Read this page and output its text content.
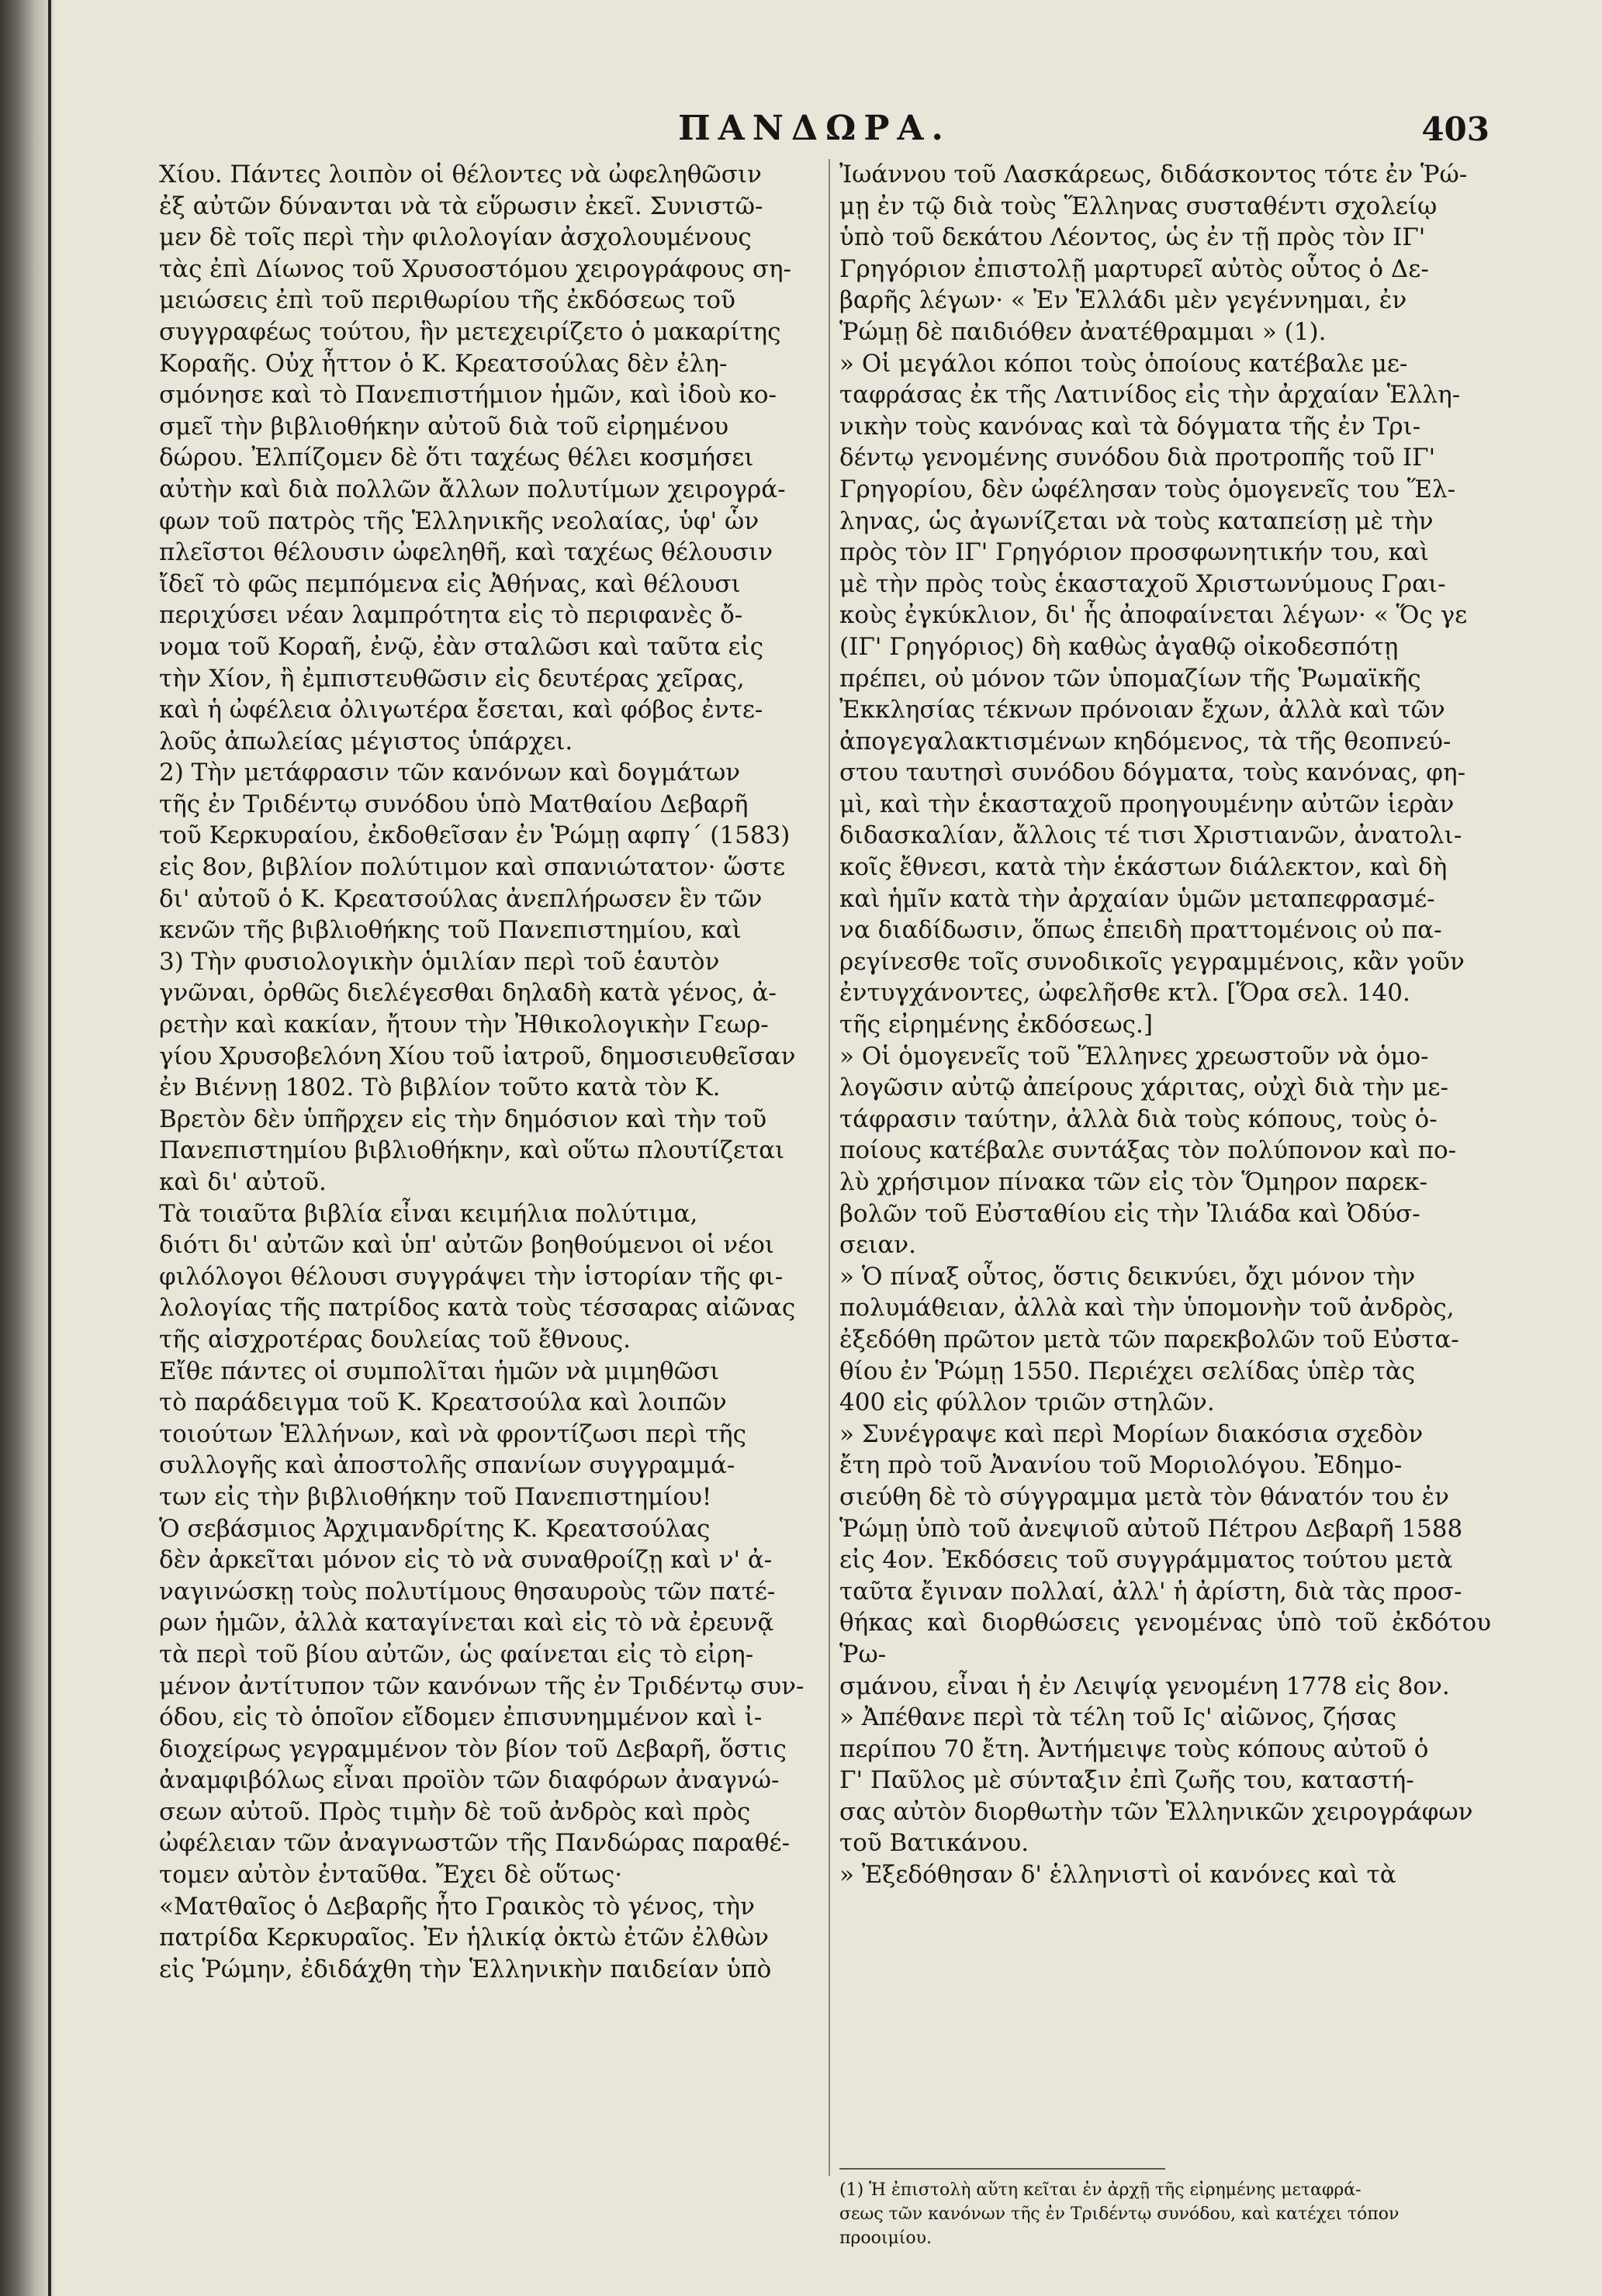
ΠΑΝΔΩΡΑ.	403

Χίου. Πάντες λοιπὸν οἱ θέλοντες νὰ ὠφεληθῶσιν

ἐξ αὐτῶν δύνανται νὰ τὰ εὕρωσιν ἐκεῖ. Συνιστῶ-

μεν δὲ τοῖς περὶ τὴν φιλολογίαν ἀσχολουμένους

τὰς ἐπὶ Δίωνος τοῦ Χρυσοστόμου χειρογράφους ση-

μειώσεις ἐπὶ τοῦ περιθωρίου τῆς ἐκδόσεως τοῦ

συγγραφέως τούτου, ἣν μετεχειρίζετο ὁ μακαρίτης

Κοραῆς. Οὐχ ἧττον ὁ Κ. Κρεατσούλας δὲν ἐλη-

σμόνησε καὶ τὸ Πανεπιστήμιον ἡμῶν, καὶ ἰδοὺ κο-

σμεῖ τὴν βιβλιοθήκην αὐτοῦ διὰ τοῦ εἰρημένου

δώρου. Ἐλπίζομεν δὲ ὅτι ταχέως θέλει κοσμήσει

αὐτὴν καὶ διὰ πολλῶν ἄλλων πολυτίμων χειρογρά-

φων τοῦ πατρὸς τῆς Ἑλληνικῆς νεολαίας, ὑφ' ὧν

πλεῖστοι θέλουσιν ὠφεληθῆ, καὶ ταχέως θέλουσιν

ἴδεῖ τὸ φῶς πεμπόμενα εἰς Ἀθήνας, καὶ θέλουσι

περιχύσει νέαν λαμπρότητα εἰς τὸ περιφανὲς ὄ-

νομα τοῦ Κοραῆ, ἐνῷ, ἐὰν σταλῶσι καὶ ταῦτα εἰς

τὴν Χίον, ἢ ἐμπιστευθῶσιν εἰς δευτέρας χεῖρας,

καὶ ἡ ὠφέλεια ὀλιγωτέρα ἔσεται, καὶ φόβος ἐντε-

λοῦς ἀπωλείας μέγιστος ὑπάρχει.

2) Τὴν μετάφρασιν τῶν κανόνων καὶ δογμάτων

τῆς ἐν Τριδέντῳ συνόδου ὑπὸ Ματθαίου Δεβαρῆ

τοῦ Κερκυραίου, ἐκδοθεῖσαν ἐν Ῥώμῃ αφπγ΄ (1583)

εἰς 8ον, βιβλίον πολύτιμον καὶ σπανιώτατον· ὥστε

δι' αὐτοῦ ὁ Κ. Κρεατσούλας ἀνεπλήρωσεν ἓν τῶν

κενῶν τῆς βιβλιοθήκης τοῦ Πανεπιστημίου, καὶ

3) Τὴν φυσιολογικὴν ὁμιλίαν περὶ τοῦ ἑαυτὸν

γνῶναι, ὀρθῶς διελέγεσθαι δηλαδὴ κατὰ γένος, ἀ-

ρετὴν καὶ κακίαν, ἤτουν τὴν Ἠθικολογικὴν Γεωρ-

γίου Χρυσοβελόνη Χίου τοῦ ἰατροῦ, δημοσιευθεῖσαν

ἐν Βιέννῃ 1802. Τὸ βιβλίον τοῦτο κατὰ τὸν Κ.

Βρετὸν δὲν ὑπῆρχεν εἰς τὴν δημόσιον καὶ τὴν τοῦ

Πανεπιστημίου βιβλιοθήκην, καὶ οὕτω πλουτίζεται

καὶ δι' αὐτοῦ.

Τὰ τοιαῦτα βιβλία εἶναι κειμήλια πολύτιμα,

διότι δι' αὐτῶν καὶ ὑπ' αὐτῶν βοηθούμενοι οἱ νέοι

φιλόλογοι θέλουσι συγγράψει τὴν ἱστορίαν τῆς φι-

λολογίας τῆς πατρίδος κατὰ τοὺς τέσσαρας αἰῶνας

τῆς αἰσχροτέρας δουλείας τοῦ ἔθνους.

Εἴθε πάντες οἱ συμπολῖται ἡμῶν νὰ μιμηθῶσι

τὸ παράδειγμα τοῦ Κ. Κρεατσούλα καὶ λοιπῶν

τοιούτων Ἑλλήνων, καὶ νὰ φροντίζωσι περὶ τῆς

συλλογῆς καὶ ἀποστολῆς σπανίων συγγραμμά-

των εἰς τὴν βιβλιοθήκην τοῦ Πανεπιστημίου!

Ὁ σεβάσμιος Ἀρχιμανδρίτης Κ. Κρεατσούλας

δὲν ἀρκεῖται μόνον εἰς τὸ νὰ συναθροίζῃ καὶ ν' ἀ-

ναγινώσκῃ τοὺς πολυτίμους θησαυροὺς τῶν πατέ-

ρων ἡμῶν, ἀλλὰ καταγίνεται καὶ εἰς τὸ νὰ ἐρευνᾷ

τὰ περὶ τοῦ βίου αὐτῶν, ὡς φαίνεται εἰς τὸ εἰρη-

μένον ἀντίτυπον τῶν κανόνων τῆς ἐν Τριδέντῳ συν-

όδου, εἰς τὸ ὁποῖον εἴδομεν ἐπισυνημμένον καὶ ἰ-

διοχείρως γεγραμμένον τὸν βίον τοῦ Δεβαρῆ, ὅστις

ἀναμφιβόλως εἶναι προϊὸν τῶν διαφόρων ἀναγνώ-

σεων αὐτοῦ. Πρὸς τιμὴν δὲ τοῦ ἀνδρὸς καὶ πρὸς

ὠφέλειαν τῶν ἀναγνωστῶν τῆς Πανδώρας παραθέ-

τομεν αὐτὸν ἐνταῦθα. Ἔχει δὲ οὕτως·

«Ματθαῖος ὁ Δεβαρῆς ἦτο Γραικὸς τὸ γένος, τὴν

πατρίδα Κερκυραῖος. Ἐν ἡλικίᾳ ὀκτὼ ἐτῶν ἐλθὼν

εἰς Ῥώμην, ἐδιδάχθη τὴν Ἑλληνικὴν παιδείαν ὑπὸ

Ἰωάννου τοῦ Λασκάρεως, διδάσκοντος τότε ἐν Ῥώ-

μῃ ἐν τῷ διὰ τοὺς Ἕλληνας συσταθέντι σχολείῳ

ὑπὸ τοῦ δεκάτου Λέοντος, ὡς ἐν τῇ πρὸς τὸν ΙΓ'

Γρηγόριον ἐπιστολῇ μαρτυρεῖ αὐτὸς οὗτος ὁ Δε-

βαρῆς λέγων· « Ἐν Ἑλλάδι μὲν γεγέννημαι, ἐν

Ῥώμῃ δὲ παιδιόθεν ἀνατέθραμμαι » (1).

» Οἱ μεγάλοι κόποι τοὺς ὁποίους κατέβαλε με-

ταφράσας ἐκ τῆς Λατινίδος εἰς τὴν ἀρχαίαν Ἑλλη-

νικὴν τοὺς κανόνας καὶ τὰ δόγματα τῆς ἐν Τρι-

δέντῳ γενομένης συνόδου διὰ προτροπῆς τοῦ ΙΓ'

Γρηγορίου, δὲν ὠφέλησαν τοὺς ὁμογενεῖς του Ἕλ-

ληνας, ὡς ἀγωνίζεται νὰ τοὺς καταπείσῃ μὲ τὴν

πρὸς τὸν ΙΓ' Γρηγόριον προσφωνητικήν του, καὶ

μὲ τὴν πρὸς τοὺς ἑκασταχοῦ Χριστωνύμους Γραι-

κοὺς ἐγκύκλιον, δι' ἧς ἀποφαίνεται λέγων· « Ὅς γε

(ΙΓ' Γρηγόριος) δὴ καθὼς ἀγαθῷ οἰκοδεσπότῃ

πρέπει, οὐ μόνον τῶν ὑπομαζίων τῆς Ῥωμαϊκῆς

Ἐκκλησίας τέκνων πρόνοιαν ἔχων, ἀλλὰ καὶ τῶν

ἀπογεγαλακτισμένων κηδόμενος, τὰ τῆς θεοπνεύ-

στου ταυτησὶ συνόδου δόγματα, τοὺς κανόνας, φη-

μὶ, καὶ τὴν ἑκασταχοῦ προηγουμένην αὐτῶν ἱερὰν

διδασκαλίαν, ἄλλοις τέ τισι Χριστιανῶν, ἀνατολι-

κοῖς ἔθνεσι, κατὰ τὴν ἑκάστων διάλεκτον, καὶ δὴ

καὶ ἡμῖν κατὰ τὴν ἀρχαίαν ὑμῶν μεταπεφρασμέ-

να διαδίδωσιν, ὅπως ἐπειδὴ πραττομένοις οὐ πα-

ρεγίνεσθε τοῖς συνοδικοῖς γεγραμμένοις, κἂν γοῦν

ἐντυγχάνοντες, ὠφελῆσθε κτλ. [Ὅρα σελ. 140.

τῆς εἰρημένης ἐκδόσεως.]

» Οἱ ὁμογενεῖς τοῦ Ἕλληνες χρεωστοῦν νὰ ὁμο-

λογῶσιν αὐτῷ ἀπείρους χάριτας, οὐχὶ διὰ τὴν με-

τάφρασιν ταύτην, ἀλλὰ διὰ τοὺς κόπους, τοὺς ὁ-

ποίους κατέβαλε συντάξας τὸν πολύπονον καὶ πο-

λὺ χρήσιμον πίνακα τῶν εἰς τὸν Ὅμηρον παρεκ-

βολῶν τοῦ Εὐσταθίου εἰς τὴν Ἰλιάδα καὶ Ὀδύσ-

σειαν.

» Ὁ πίναξ οὗτος, ὅστις δεικνύει, ὄχι μόνον τὴν

πολυμάθειαν, ἀλλὰ καὶ τὴν ὑπομονὴν τοῦ ἀνδρὸς,

ἐξεδόθη πρῶτον μετὰ τῶν παρεκβολῶν τοῦ Εὐστα-

θίου ἐν Ῥώμῃ 1550. Περιέχει σελίδας ὑπὲρ τὰς

400 εἰς φύλλον τριῶν στηλῶν.

» Συνέγραψε καὶ περὶ Μορίων διακόσια σχεδὸν

ἔτη πρὸ τοῦ Ἀνανίου τοῦ Μοριολόγου. Ἐδημο-

σιεύθη δὲ τὸ σύγγραμμα μετὰ τὸν θάνατόν του ἐν

Ῥώμῃ ὑπὸ τοῦ ἀνεψιοῦ αὐτοῦ Πέτρου Δεβαρῆ 1588

εἰς 4ον. Ἐκδόσεις τοῦ συγγράμματος τούτου μετὰ

ταῦτα ἔγιναν πολλαί, ἀλλ' ἡ ἀρίστη, διὰ τὰς προσ-

θήκας καὶ διορθώσεις γενομένας ὑπὸ τοῦ ἐκδότου Ῥω-

σμάνου, εἶναι ἡ ἐν Λειψίᾳ γενομένη 1778 εἰς 8ον.

» Ἀπέθανε περὶ τὰ τέλη τοῦ Ις' αἰῶνος, ζήσας

περίπου 70 ἔτη. Ἀντήμειψε τοὺς κόπους αὐτοῦ ὁ

Γ' Παῦλος μὲ σύνταξιν ἐπὶ ζωῆς του, καταστή-

σας αὐτὸν διορθωτὴν τῶν Ἑλληνικῶν χειρογράφων

τοῦ Βατικάνου.

» Ἐξεδόθησαν δ' ἑλληνιστὶ οἱ κανόνες καὶ τὰ

(1) Ἡ ἐπιστολὴ αὕτη κεῖται ἐν ἀρχῇ τῆς εἰρημένης μεταφρά-

σεως τῶν κανόνων τῆς ἐν Τριδέντῳ συνόδου, καὶ κατέχει τόπον

προοιμίου.
